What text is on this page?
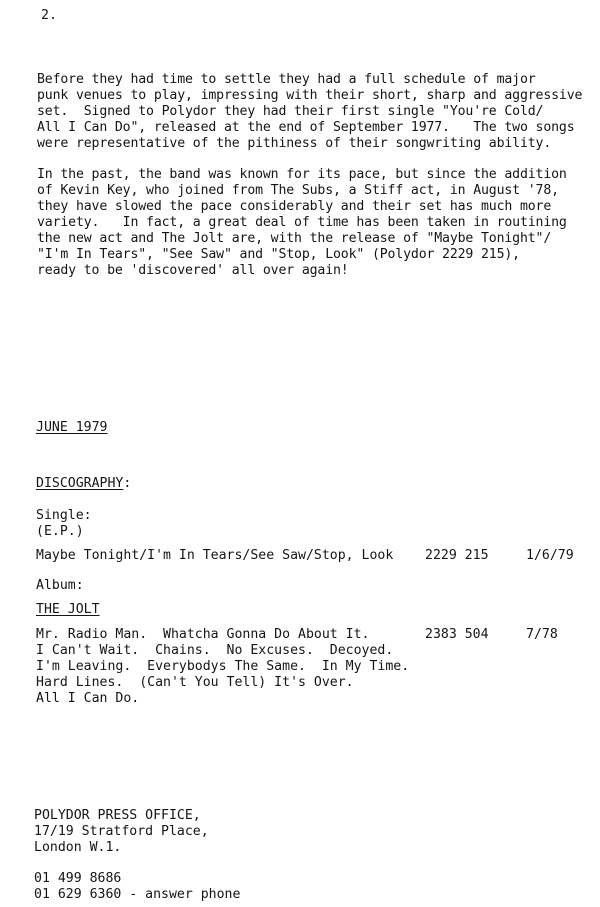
2.
Before they had time to settle they had a full schedule of major
punk venues to play, impressing with their short, sharp and aggressive
set.  Signed to Polydor they had their first single "You're Cold/
All I Can Do", released at the end of September 1977.   The two songs
were representative of the pithiness of their songwriting ability.
In the past, the band was known for its pace, but since the addition
of Kevin Key, who joined from The Subs, a Stiff act, in August '78,
they have slowed the pace considerably and their set has much more
variety.   In fact, a great deal of time has been taken in routining
the new act and The Jolt are, with the release of "Maybe Tonight"/
"I'm In Tears", "See Saw" and "Stop, Look" (Polydor 2229 215),
ready to be 'discovered' all over again!
JUNE 1979
DISCOGRAPHY:
Single:
(E.P.)
Maybe Tonight/I'm In Tears/See Saw/Stop, Look 2229 215	1/6/79
Album:
THE JOLT
Mr. Radio Man.  Whatcha Gonna Do About It.	2383 504	7/78
I Can't Wait.  Chains.  No Excuses.  Decoyed.
I'm Leaving.  Everybodys The Same.  In My Time.
Hard Lines.  (Can't You Tell) It's Over.
All I Can Do.
POLYDOR PRESS OFFICE,
17/19 Stratford Place,
London W.1.
01 499 8686
01 629 6360 - answer phone
